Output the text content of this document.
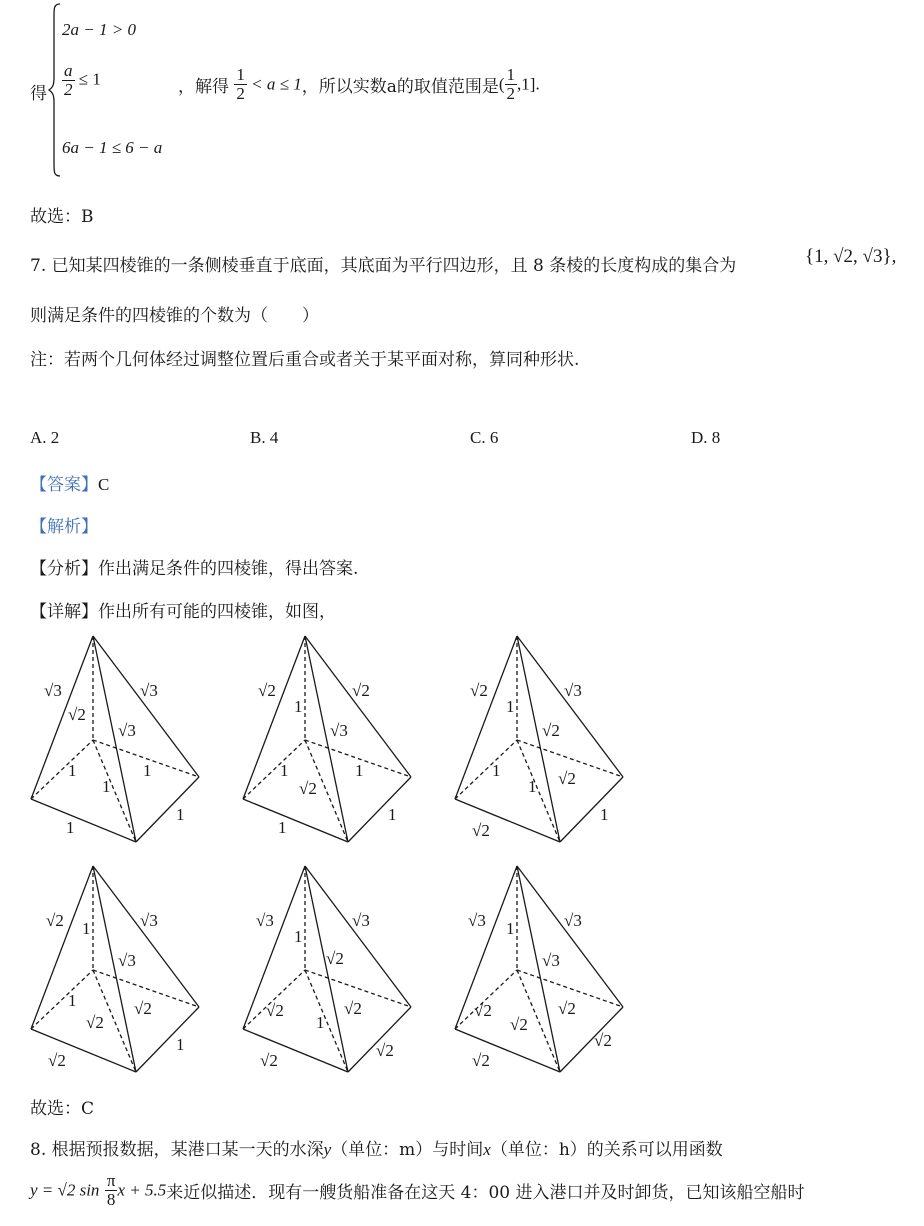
得
2a − 1 > 0
$\frac{a}{2} \le 1$
6a − 1 ≤ 6 − a
，解得 $\frac{1}{2} < a \le 1$，所以实数a的取值范围是( $\frac{1}{2} ,1$].
故选：B
7. 已知某四棱锥的一条侧棱垂直于底面，其底面为平行四边形，且 8 条棱的长度构成的集合为	{1, √2, √3},
则满足条件的四棱锥的个数为（　　）
注：若两个几何体经过调整位置后重合或者关于某平面对称，算同种形状.
A. 2	B. 4	C. 6	D. 8
【答案】C
【解析】
【分析】作出满足条件的四棱锥，得出答案.
【详解】作出所有可能的四棱锥，如图，
√3	√3
√2
√3
1	1
1
1
1
√2	√2
1
√3
1	1
√2
1
1
√2	√3
1
√2
1
1 √2
√2
1
√2	√3
1
√3
1
√2
√2
√2
1
√3	√3
1
√2
√2
1
√2
√2
√2
√3	√3
1
√3
√2
√2
√2
√2
√2
故选：C
8. 根据预报数据，某港口某一天的水深y（单位：m）与时间x（单位：h）的关系可以用函数
y = √2 $\sin \frac{\pi}{8}$ x + 5.5来近似描述．现有一艘货船准备在这天 4：00 进入港口并及时卸货，已知该船空船时
